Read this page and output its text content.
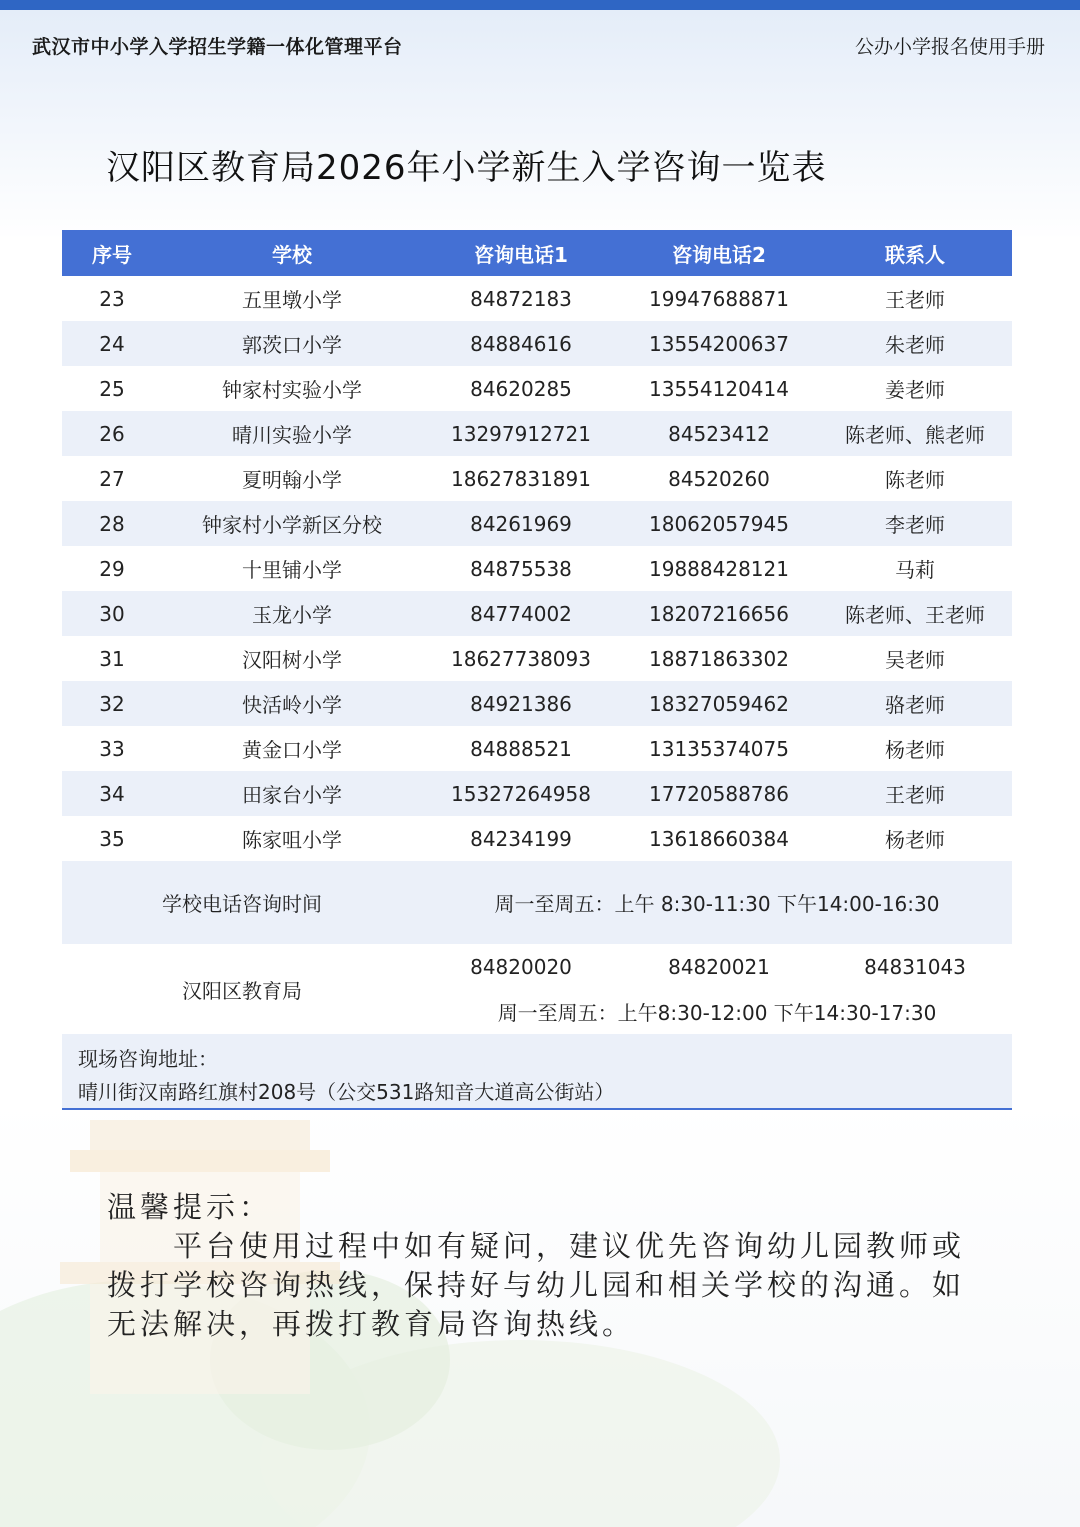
武汉市中小学入学招生学籍一体化管理平台	公办小学报名使用手册
汉阳区教育局2026年小学新生入学咨询一览表
序号	学校	咨询电话1	咨询电话2	联系人
23	五里墩小学	84872183	19947688871	王老师
24	郭茨口小学	84884616	13554200637	朱老师
25	钟家村实验小学	84620285	13554120414	姜老师
26	晴川实验小学	13297912721	84523412	陈老师、熊老师
27	夏明翰小学	18627831891	84520260	陈老师
28	钟家村小学新区分校	84261969	18062057945	李老师
29	十里铺小学	84875538	19888428121	马莉
30	玉龙小学	84774002	18207216656	陈老师、王老师
31	汉阳树小学	18627738093	18871863302	吴老师
32	快活岭小学	84921386	18327059462	骆老师
33	黄金口小学	84888521	13135374075	杨老师
34	田家台小学	15327264958	17720588786	王老师
35	陈家咀小学	84234199	13618660384	杨老师
学校电话咨询时间		周一至周五：上午 8:30-11:30 下午14:00-16:30		
汉阳区教育局		84820020	84820021	84831043
		周一至周五：上午8:30-12:00 下午14:30-17:30		
现场咨询地址：
晴川街汉南路红旗村208号（公交531路知音大道高公街站）
温馨提示：
平台使用过程中如有疑问，建议优先咨询幼儿园教师或拨打学校咨询热线，保持好与幼儿园和相关学校的沟通。如无法解决，再拨打教育局咨询热线。
